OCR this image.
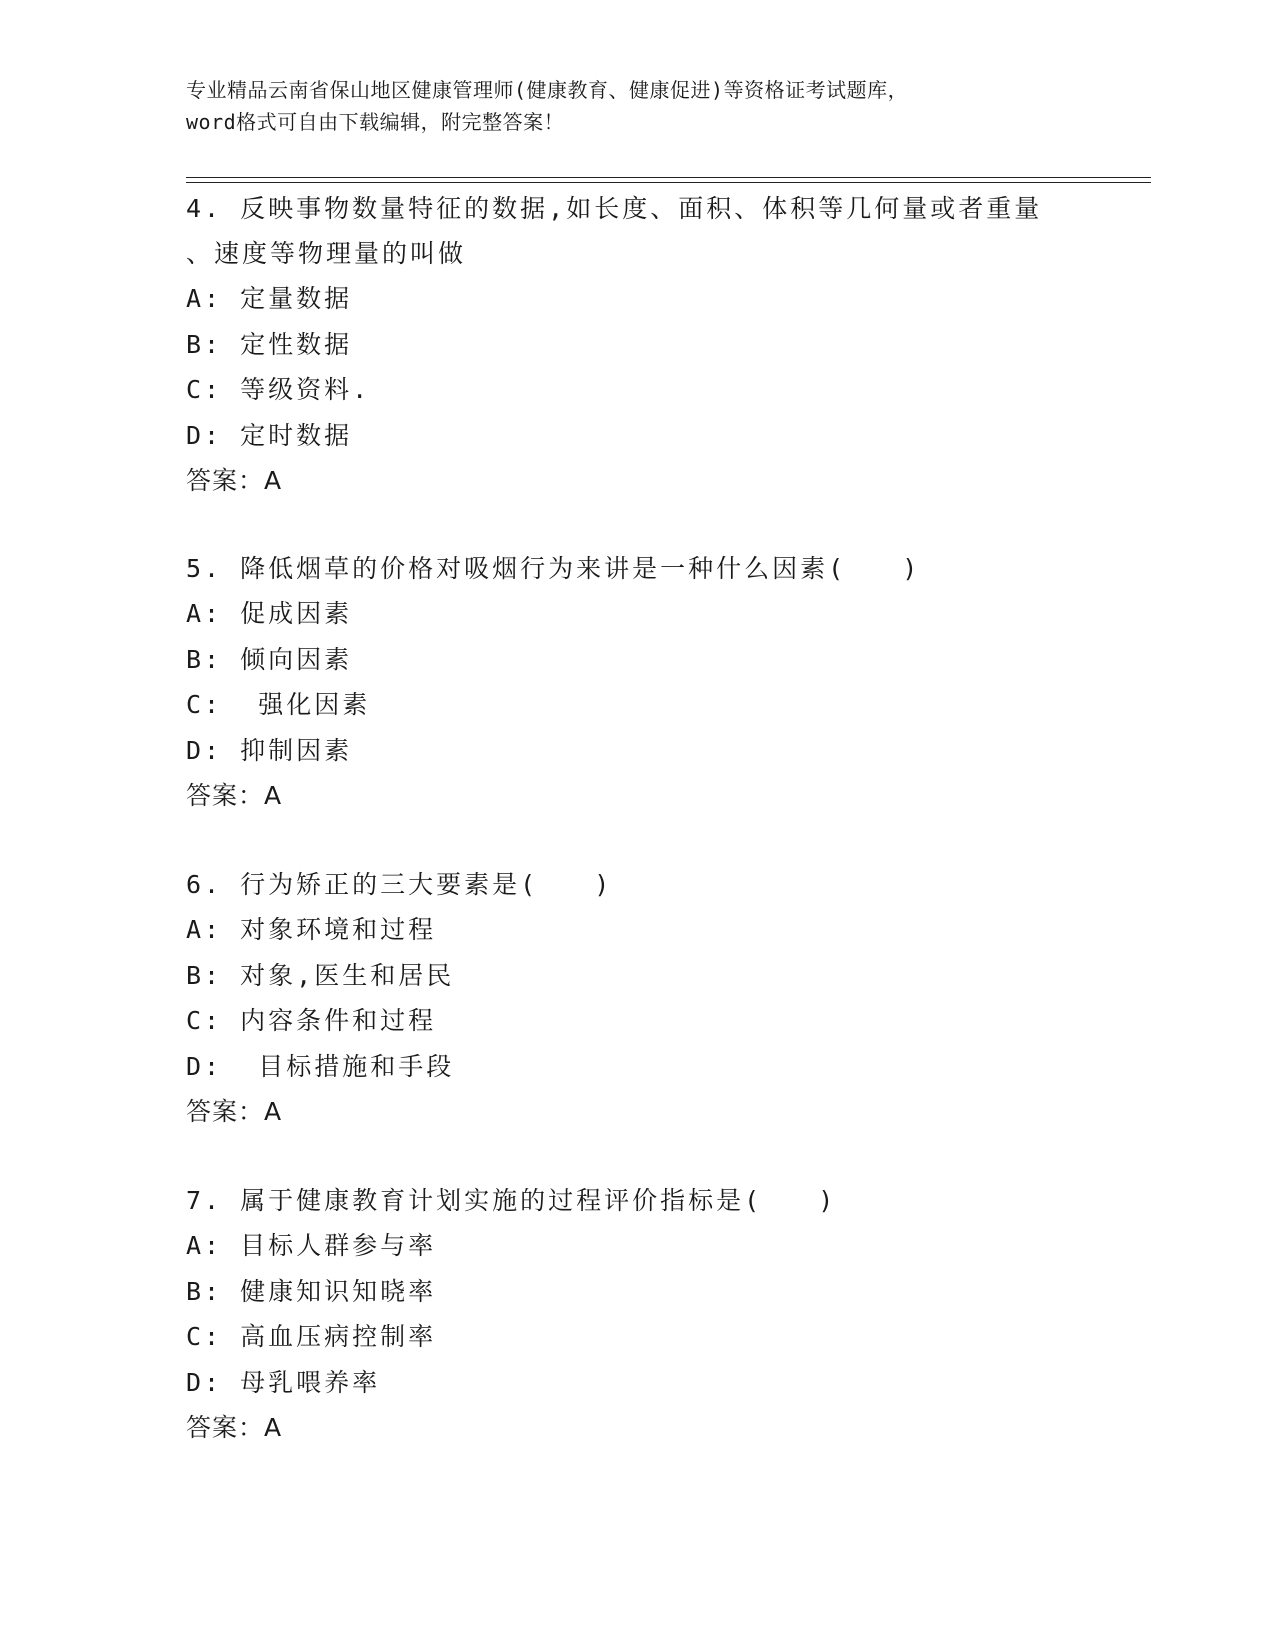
专业精品云南省保山地区健康管理师(健康教育、健康促进)等资格证考试题库，
word格式可自由下载编辑，附完整答案！
4. 反映事物数量特征的数据,如长度、面积、体积等几何量或者重量
、速度等物理量的叫做
A: 定量数据
B: 定性数据
C: 等级资料.
D: 定时数据
答案：A
5. 降低烟草的价格对吸烟行为来讲是一种什么因素(　　)
A: 促成因素
B: 倾向因素
C:  强化因素
D: 抑制因素
答案：A
6. 行为矫正的三大要素是(　　)
A: 对象环境和过程
B: 对象,医生和居民
C: 内容条件和过程
D:  目标措施和手段
答案：A
7. 属于健康教育计划实施的过程评价指标是(　　)
A: 目标人群参与率
B: 健康知识知晓率
C: 高血压病控制率
D: 母乳喂养率
答案：A
